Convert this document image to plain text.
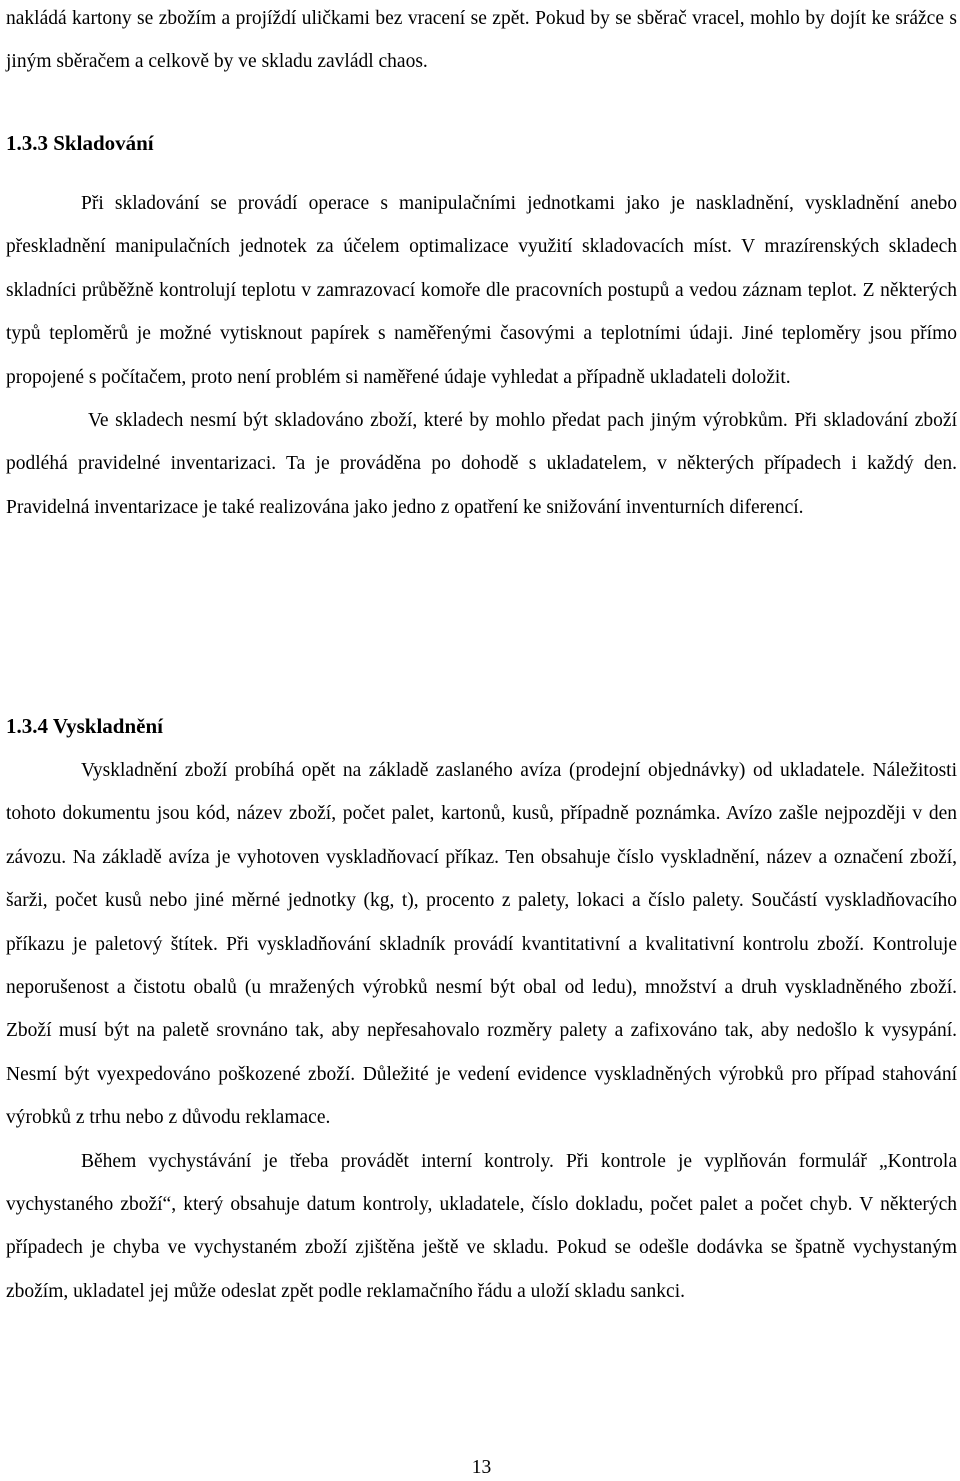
nakládá kartony se zbožím a projíždí uličkami bez vracení se zpět. Pokud by se sběrač vracel, mohlo by dojít ke srážce s jiným sběračem a celkově by ve skladu zavládl chaos.

1.3.3 Skladování

Při skladování se provádí operace s manipulačními jednotkami jako je naskladnění, vyskladnění anebo přeskladnění manipulačních jednotek za účelem optimalizace využití skladovacích míst. V mrazírenských skladech skladníci průběžně kontrolují teplotu v zamrazovací komoře dle pracovních postupů a vedou záznam teplot. Z některých typů teploměrů je možné vytisknout papírek s naměřenými časovými a teplotními údaji. Jiné teploměry jsou přímo propojené s počítačem, proto není problém si naměřené údaje vyhledat a případně ukladateli doložit.

Ve skladech nesmí být skladováno zboží, které by mohlo předat pach jiným výrobkům. Při skladování zboží podléhá pravidelné inventarizaci. Ta je prováděna po dohodě s ukladatelem, v některých případech i každý den. Pravidelná inventarizace je také realizována jako jedno z opatření ke snižování inventurních diferencí.

1.3.4 Vyskladnění

Vyskladnění zboží probíhá opět na základě zaslaného avíza (prodejní objednávky) od ukladatele. Náležitosti tohoto dokumentu jsou kód, název zboží, počet palet, kartonů, kusů, případně poznámka. Avízo zašle nejpozději v den závozu. Na základě avíza je vyhotoven vyskladňovací příkaz. Ten obsahuje číslo vyskladnění, název a označení zboží, šarži, počet kusů nebo jiné měrné jednotky (kg, t), procento z palety, lokaci a číslo palety. Součástí vyskladňovacího příkazu je paletový štítek. Při vyskladňování skladník provádí kvantitativní a kvalitativní kontrolu zboží. Kontroluje neporušenost a čistotu obalů (u mražených výrobků nesmí být obal od ledu), množství a druh vyskladněného zboží. Zboží musí být na paletě srovnáno tak, aby nepřesahovalo rozměry palety a zafixováno tak, aby nedošlo k vysypání. Nesmí být vyexpedováno poškozené zboží. Důležité je vedení evidence vyskladněných výrobků pro případ stahování výrobků z trhu nebo z důvodu reklamace.

Během vychystávání je třeba provádět interní kontroly. Při kontrole je vyplňován formulář „Kontrola vychystaného zboží“, který obsahuje datum kontroly, ukladatele, číslo dokladu, počet palet a počet chyb. V některých případech je chyba ve vychystaném zboží zjištěna ještě ve skladu. Pokud se odešle dodávka se špatně vychystaným zbožím, ukladatel jej může odeslat zpět podle reklamačního řádu a uloží skladu sankci.

13
